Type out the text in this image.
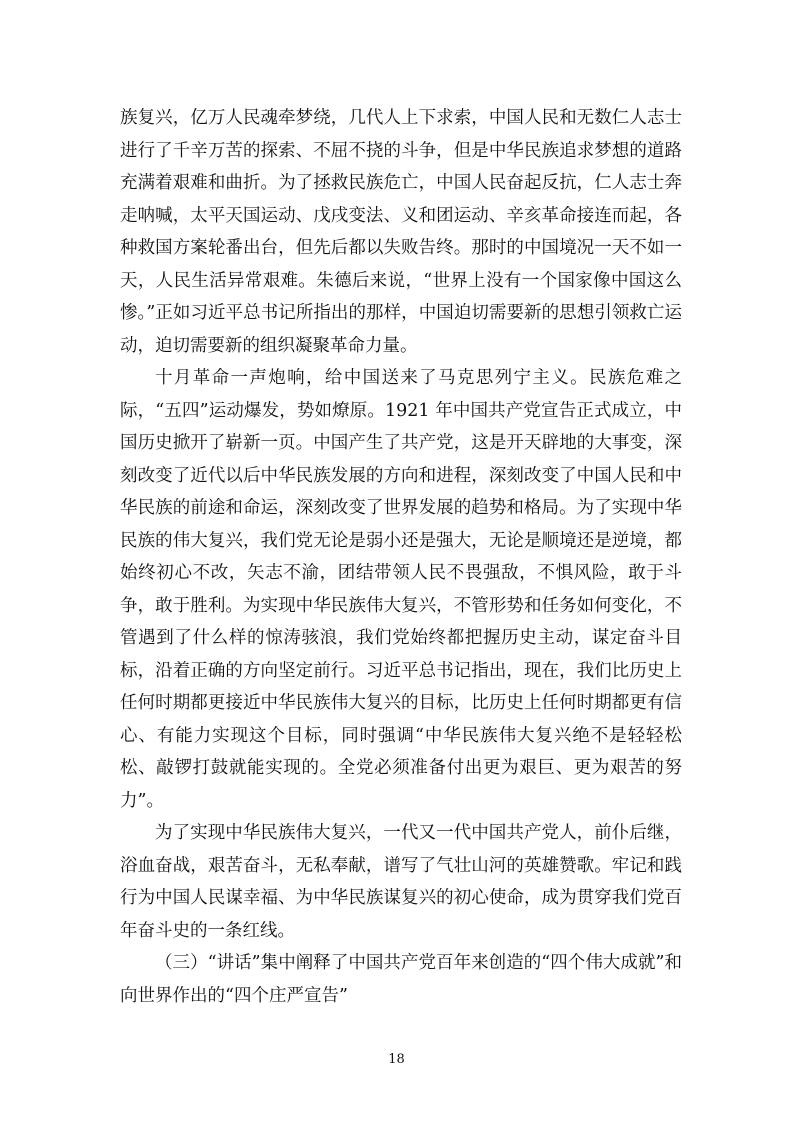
族复兴，亿万人民魂牵梦绕，几代人上下求索，中国人民和无数仁人志士进行了千辛万苦的探索、不屈不挠的斗争，但是中华民族追求梦想的道路充满着艰难和曲折。为了拯救民族危亡，中国人民奋起反抗，仁人志士奔走呐喊，太平天国运动、戊戌变法、义和团运动、辛亥革命接连而起，各种救国方案轮番出台，但先后都以失败告终。那时的中国境况一天不如一天，人民生活异常艰难。朱德后来说，“世界上没有一个国家像中国这么惨。”正如习近平总书记所指出的那样，中国迫切需要新的思想引领救亡运动，迫切需要新的组织凝聚革命力量。

十月革命一声炮响，给中国送来了马克思列宁主义。民族危难之际，“五四”运动爆发，势如燎原。1921 年中国共产党宣告正式成立，中国历史掀开了崭新一页。中国产生了共产党，这是开天辟地的大事变，深刻改变了近代以后中华民族发展的方向和进程，深刻改变了中国人民和中华民族的前途和命运，深刻改变了世界发展的趋势和格局。为了实现中华民族的伟大复兴，我们党无论是弱小还是强大，无论是顺境还是逆境，都始终初心不改，矢志不渝，团结带领人民不畏强敌，不惧风险，敢于斗争，敢于胜利。为实现中华民族伟大复兴，不管形势和任务如何变化，不管遇到了什么样的惊涛骇浪，我们党始终都把握历史主动，谋定奋斗目标，沿着正确的方向坚定前行。习近平总书记指出，现在，我们比历史上任何时期都更接近中华民族伟大复兴的目标，比历史上任何时期都更有信心、有能力实现这个目标，同时强调“中华民族伟大复兴绝不是轻轻松松、敲锣打鼓就能实现的。全党必须准备付出更为艰巨、更为艰苦的努力”。

为了实现中华民族伟大复兴，一代又一代中国共产党人，前仆后继，浴血奋战，艰苦奋斗，无私奉献，谱写了气壮山河的英雄赞歌。牢记和践行为中国人民谋幸福、为中华民族谋复兴的初心使命，成为贯穿我们党百年奋斗史的一条红线。

（三）“讲话”集中阐释了中国共产党百年来创造的“四个伟大成就”和向世界作出的“四个庄严宣告”

18
